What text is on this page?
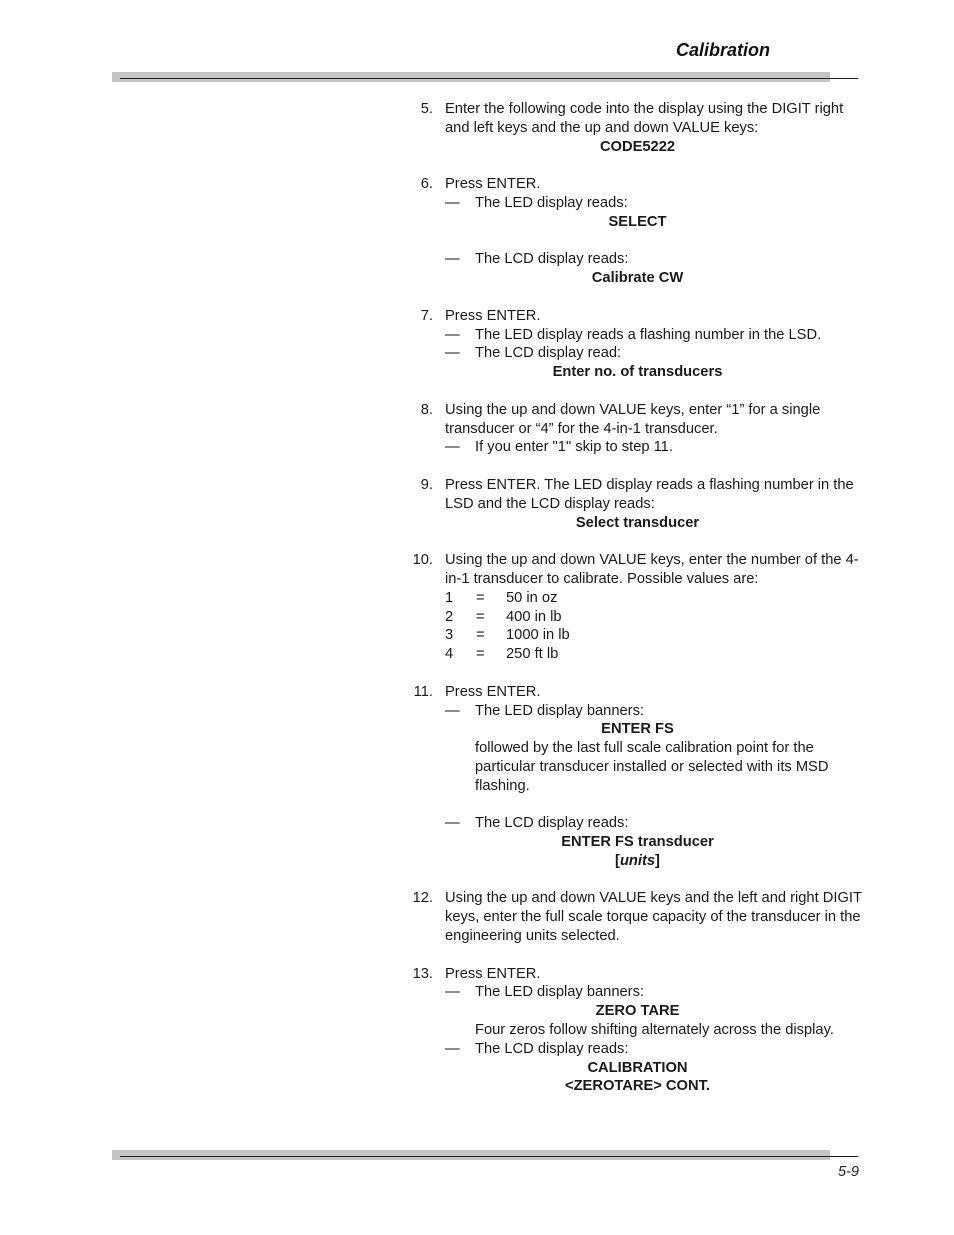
Calibration
5. Enter the following code into the display using the DIGIT right and left keys and the up and down VALUE keys:
CODE5222
6. Press ENTER.
— The LED display reads:
SELECT
— The LCD display reads:
Calibrate CW
7. Press ENTER.
— The LED display reads a flashing number in the LSD.
— The LCD display read:
Enter no. of transducers
8. Using the up and down VALUE keys, enter “1” for a single transducer or “4” for the 4-in-1 transducer.
— If you enter "1" skip to step 11.
9. Press ENTER. The LED display reads a flashing number in the LSD and the LCD display reads:
Select transducer
10. Using the up and down VALUE keys, enter the number of the 4-in-1 transducer to calibrate. Possible values are:
1	=	50 in oz
2	=	400 in lb
3	=	1000 in lb
4	=	250 ft lb
11. Press ENTER.
— The LED display banners:
ENTER FS
followed by the last full scale calibration point for the particular transducer installed or selected with its MSD flashing.
— The LCD display reads:
ENTER FS transducer
[units]
12. Using the up and down VALUE keys and the left and right DIGIT keys, enter the full scale torque capacity of the transducer in the engineering units selected.
13. Press ENTER.
— The LED display banners:
ZERO TARE
Four zeros follow shifting alternately across the display.
— The LCD display reads:
CALIBRATION
<ZEROTARE> CONT.
5-9
